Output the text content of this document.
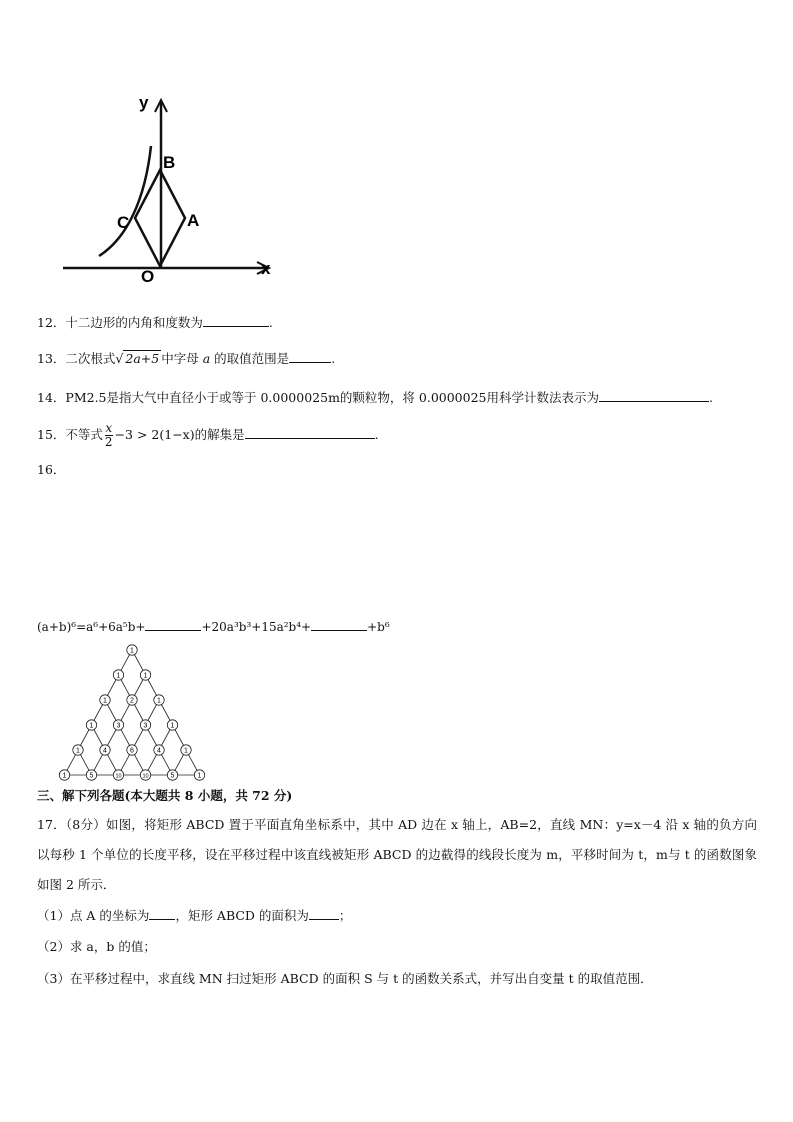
y
x
B
A
C
O
12．十二边形的内角和度数为	.
13．二次根式√ 2a+5 中字母 a 的取值范围是	.
14．PM2.5是指大气中直径小于或等于 0.0000025m的颗粒物，将 0.0000025用科学计数法表示为	.
15．不等式 $\frac{x}{2} -3 > 2(1-x)$的解集是	.
16．
(a+b)⁶=a⁶+6a⁵b+	+20a³b³+15a²b⁴+	+b⁶
1
1	1
1	2	1
1	3	3	1
1	4	6	4	1
1	5	10	10	5	1
三、解下列各题(本大题共 8 小题，共 72 分)
17．（8分）如图，将矩形 ABCD 置于平面直角坐标系中，其中 AD 边在 x 轴上，AB=2，直线 MN：y=x－4 沿 x 轴的负方向以每秒 1 个单位的长度平移，设在平移过程中该直线被矩形 ABCD 的边截得的线段长度为 m，平移时间为 t，m与 t 的函数图象如图 2 所示．
（1）点 A 的坐标为 ，矩形 ABCD 的面积为 ；
（2）求 a，b 的值；
（3）在平移过程中，求直线 MN 扫过矩形 ABCD 的面积 S 与 t 的函数关系式，并写出自变量 t 的取值范围．
